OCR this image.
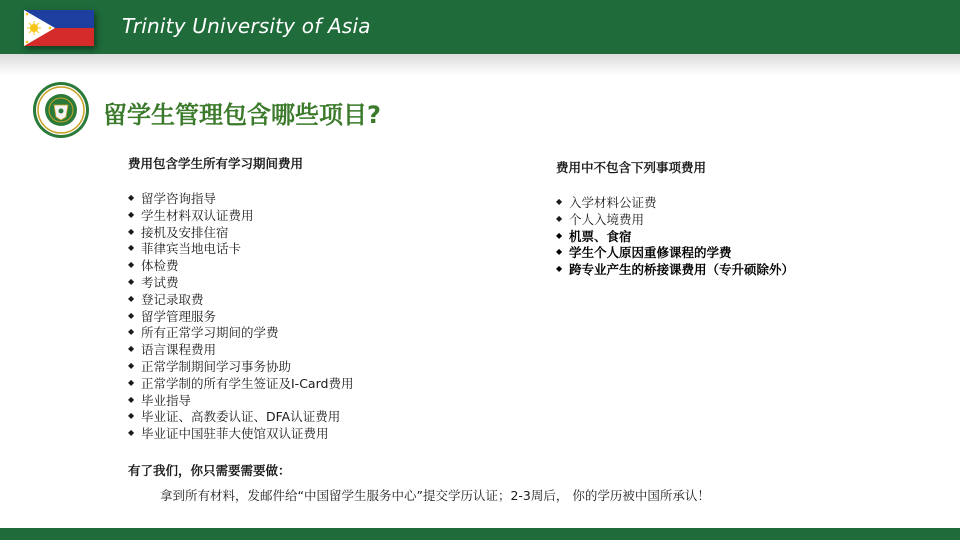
Trinity University of Asia
留学生管理包含哪些项目?

费用包含学生所有学习期间费用

◆ 留学咨询指导
◆ 学生材料双认证费用
◆ 接机及安排住宿
◆ 菲律宾当地电话卡
◆ 体检费
◆ 考试费
◆ 登记录取费
◆ 留学管理服务
◆ 所有正常学习期间的学费
◆ 语言课程费用
◆ 正常学制期间学习事务协助
◆ 正常学制的所有学生签证及I-Card费用
◆ 毕业指导
◆ 毕业证、高教委认证、DFA认证费用
◆ 毕业证中国驻菲大使馆双认证费用

费用中不包含下列事项费用

◆ 入学材料公证费
◆ 个人入境费用
◆ 机票、食宿
◆ 学生个人原因重修课程的学费
◆ 跨专业产生的桥接课费用（专升硕除外）

有了我们，你只需要需要做：

拿到所有材料，发邮件给“中国留学生服务中心”提交学历认证；2-3周后， 你的学历被中国所承认！
